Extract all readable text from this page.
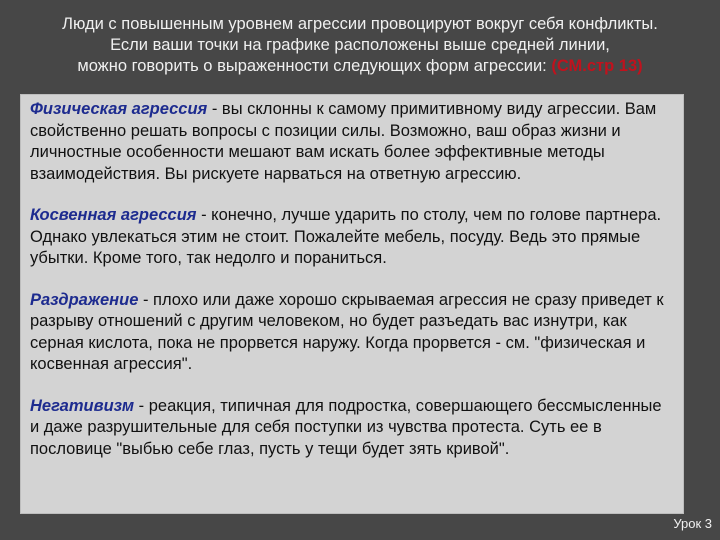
Люди с повышенным уровнем агрессии провоцируют вокруг себя конфликты.
Если ваши точки на графике расположены выше средней линии,
можно говорить о выраженности следующих форм агрессии: (СМ.стр 13)

Физическая агрессия - вы склонны к самому примитивному виду агрессии. Вам свойственно решать вопросы с позиции силы. Возможно, ваш образ жизни и личностные особенности мешают вам искать более эффективные методы взаимодействия. Вы рискуете нарваться на ответную агрессию.

Косвенная агрессия - конечно, лучше ударить по столу, чем по голове партнера. Однако увлекаться этим не стоит. Пожалейте мебель, посуду. Ведь это прямые убытки. Кроме того, так недолго и пораниться.

Раздражение - плохо или даже хорошо скрываемая агрессия не сразу приведет к разрыву отношений с другим человеком, но будет разъедать вас изнутри, как серная кислота, пока не прорвется наружу. Когда прорвется - см. "физическая и косвенная агрессия".

Негативизм - реакция, типичная для подростка, совершающего бессмысленные и даже разрушительные для себя поступки из чувства протеста. Суть ее в пословице "выбью себе глаз, пусть у тещи будет зять кривой".

Урок 3
